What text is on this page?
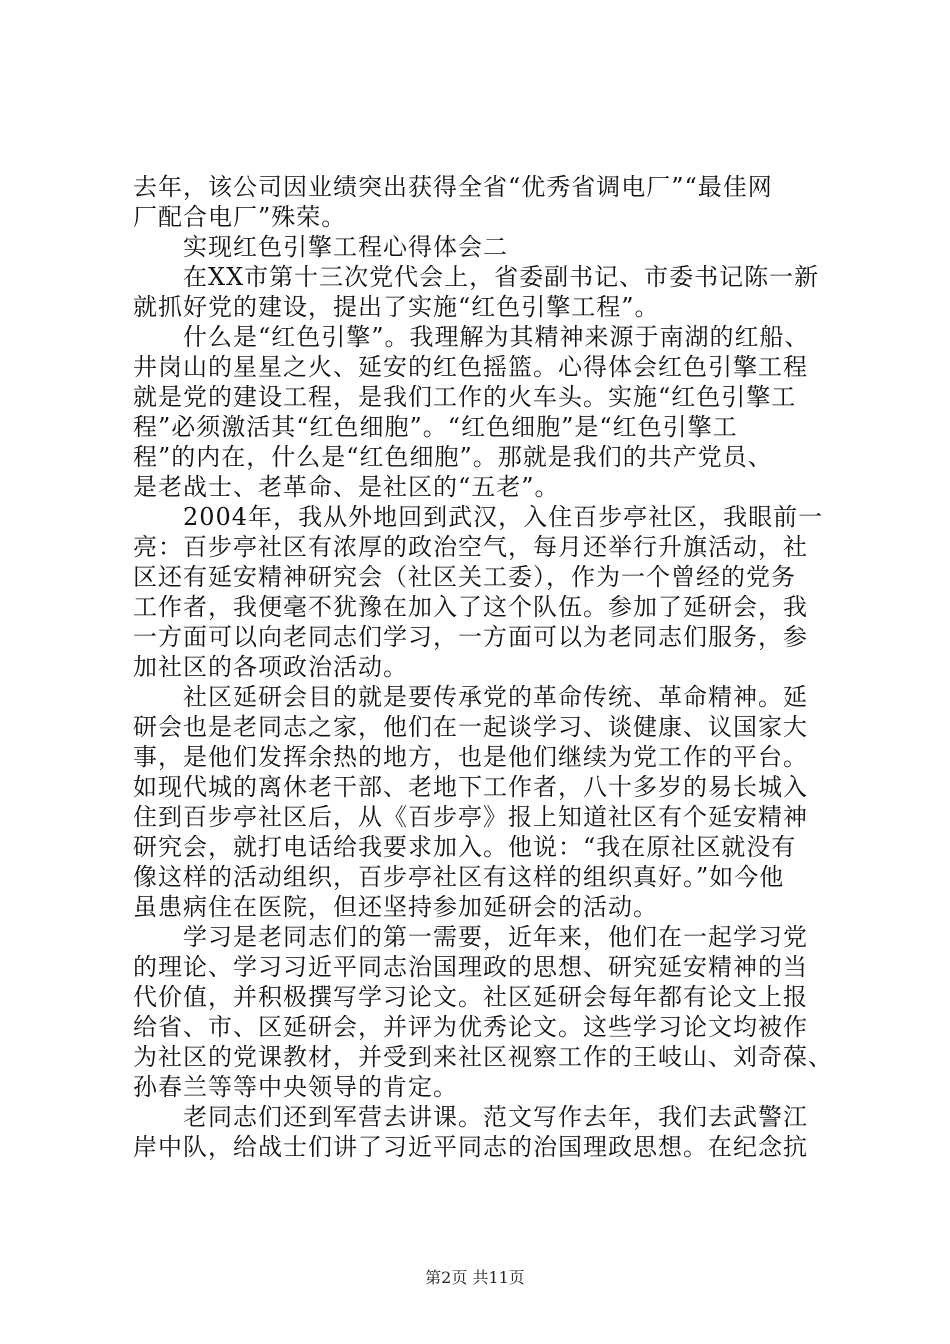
去年，该公司因业绩突出获得全省“优秀省调电厂”“最佳网
厂配合电厂”殊荣。
　　实现红色引擎工程心得体会二
　　在XX市第十三次党代会上，省委副书记、市委书记陈一新
就抓好党的建设，提出了实施“红色引擎工程”。
　　什么是“红色引擎”。我理解为其精神来源于南湖的红船、
井岗山的星星之火、延安的红色摇篮。心得体会红色引擎工程
就是党的建设工程，是我们工作的火车头。实施“红色引擎工
程”必须激活其“红色细胞”。“红色细胞”是“红色引擎工
程”的内在，什么是“红色细胞”。那就是我们的共产党员、
是老战士、老革命、是社区的“五老”。
　　2004年，我从外地回到武汉，入住百步亭社区，我眼前一
亮：百步亭社区有浓厚的政治空气，每月还举行升旗活动，社
区还有延安精神研究会（社区关工委），作为一个曾经的党务
工作者，我便毫不犹豫在加入了这个队伍。参加了延研会，我
一方面可以向老同志们学习，一方面可以为老同志们服务，参
加社区的各项政治活动。
　　社区延研会目的就是要传承党的革命传统、革命精神。延
研会也是老同志之家，他们在一起谈学习、谈健康、议国家大
事，是他们发挥余热的地方，也是他们继续为党工作的平台。
如现代城的离休老干部、老地下工作者，八十多岁的易长城入
住到百步亭社区后，从《百步亭》报上知道社区有个延安精神
研究会，就打电话给我要求加入。他说：“我在原社区就没有
像这样的活动组织，百步亭社区有这样的组织真好。”如今他
虽患病住在医院，但还坚持参加延研会的活动。
　　学习是老同志们的第一需要，近年来，他们在一起学习党
的理论、学习习近平同志治国理政的思想、研究延安精神的当
代价值，并积极撰写学习论文。社区延研会每年都有论文上报
给省、市、区延研会，并评为优秀论文。这些学习论文均被作
为社区的党课教材，并受到来社区视察工作的王岐山、刘奇葆、
孙春兰等等中央领导的肯定。
　　老同志们还到军营去讲课。范文写作去年，我们去武警江
岸中队，给战士们讲了习近平同志的治国理政思想。在纪念抗
第2页 共11页
